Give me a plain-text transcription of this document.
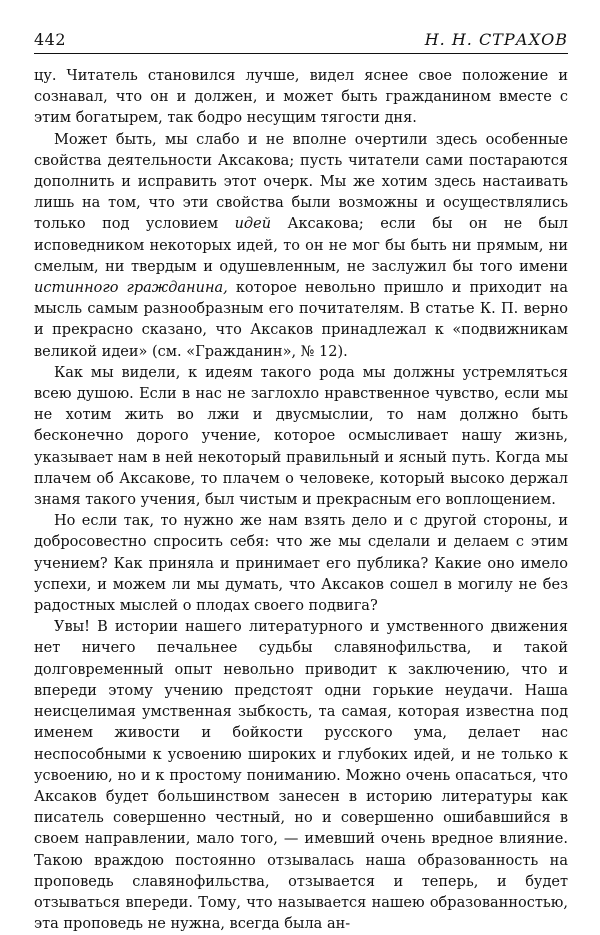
442	Н. Н. СТРАХОВ

цу. Читатель становился лучше, видел яснее свое положение и сознавал, что он и должен, и может быть гражданином вместе с этим богатырем, так бодро несущим тягости дня.

Может быть, мы слабо и не вполне очертили здесь особенные свойства деятельности Аксакова; пусть читатели сами постараются дополнить и исправить этот очерк. Мы же хотим здесь настаивать лишь на том, что эти свойства были возможны и осуществлялись только под условием идей Аксакова; если бы он не был исповедником некоторых идей, то он не мог бы быть ни прямым, ни смелым, ни твердым и одушевленным, не заслужил бы того имени истинного гражданина, которое невольно пришло и приходит на мысль самым разнообразным его почитателям. В статье К. П. верно и прекрасно сказано, что Аксаков принадлежал к «подвижникам великой идеи» (см. «Гражданин», № 12).

Как мы видели, к идеям такого рода мы должны устремляться всею душою. Если в нас не заглохло нравственное чувство, если мы не хотим жить во лжи и двусмыслии, то нам должно быть бесконечно дорого учение, которое осмысливает нашу жизнь, указывает нам в ней некоторый правильный и ясный путь. Когда мы плачем об Аксакове, то плачем о человеке, который высоко держал знамя такого учения, был чистым и прекрасным его воплощением.

Но если так, то нужно же нам взять дело и с другой стороны, и добросовестно спросить себя: что же мы сделали и делаем с этим учением? Как приняла и принимает его публика? Какие оно имело успехи, и можем ли мы думать, что Аксаков сошел в могилу не без радостных мыслей о плодах своего подвига?

Увы! В истории нашего литературного и умственного движения нет ничего печальнее судьбы славянофильства, и такой долговременный опыт невольно приводит к заключению, что и впереди этому учению предстоят одни горькие неудачи. Наша неисцелимая умственная зыбкость, та самая, которая известна под именем живости и бойкости русского ума, делает нас неспособными к усвоению широких и глубоких идей, и не только к усвоению, но и к простому пониманию. Можно очень опасаться, что Аксаков будет большинством занесен в историю литературы как писатель совершенно честный, но и совершенно ошибавшийся в своем направлении, мало того, — имевший очень вредное влияние. Такою враждою постоянно отзывалась наша образованность на проповедь славянофильства, отзывается и теперь, и будет отзываться впереди. Тому, что называется нашею образованностью, эта проповедь не нужна, всегда была ан-
